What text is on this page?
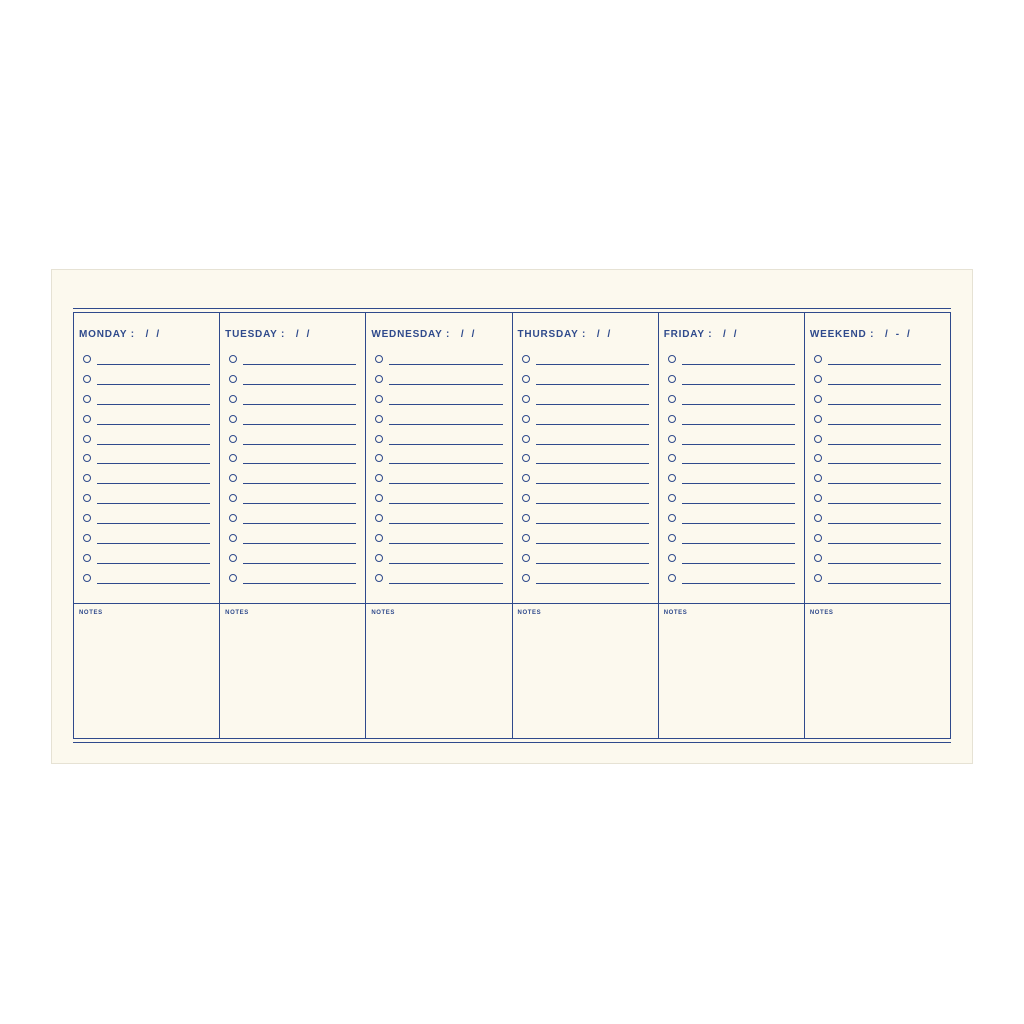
MONDAY :   /  /
NOTES
TUESDAY :   /  /
NOTES
WEDNESDAY :   /  /
NOTES
THURSDAY :   /  /
NOTES
FRIDAY :   /  /
NOTES
WEEKEND :   /  -  /
NOTES
